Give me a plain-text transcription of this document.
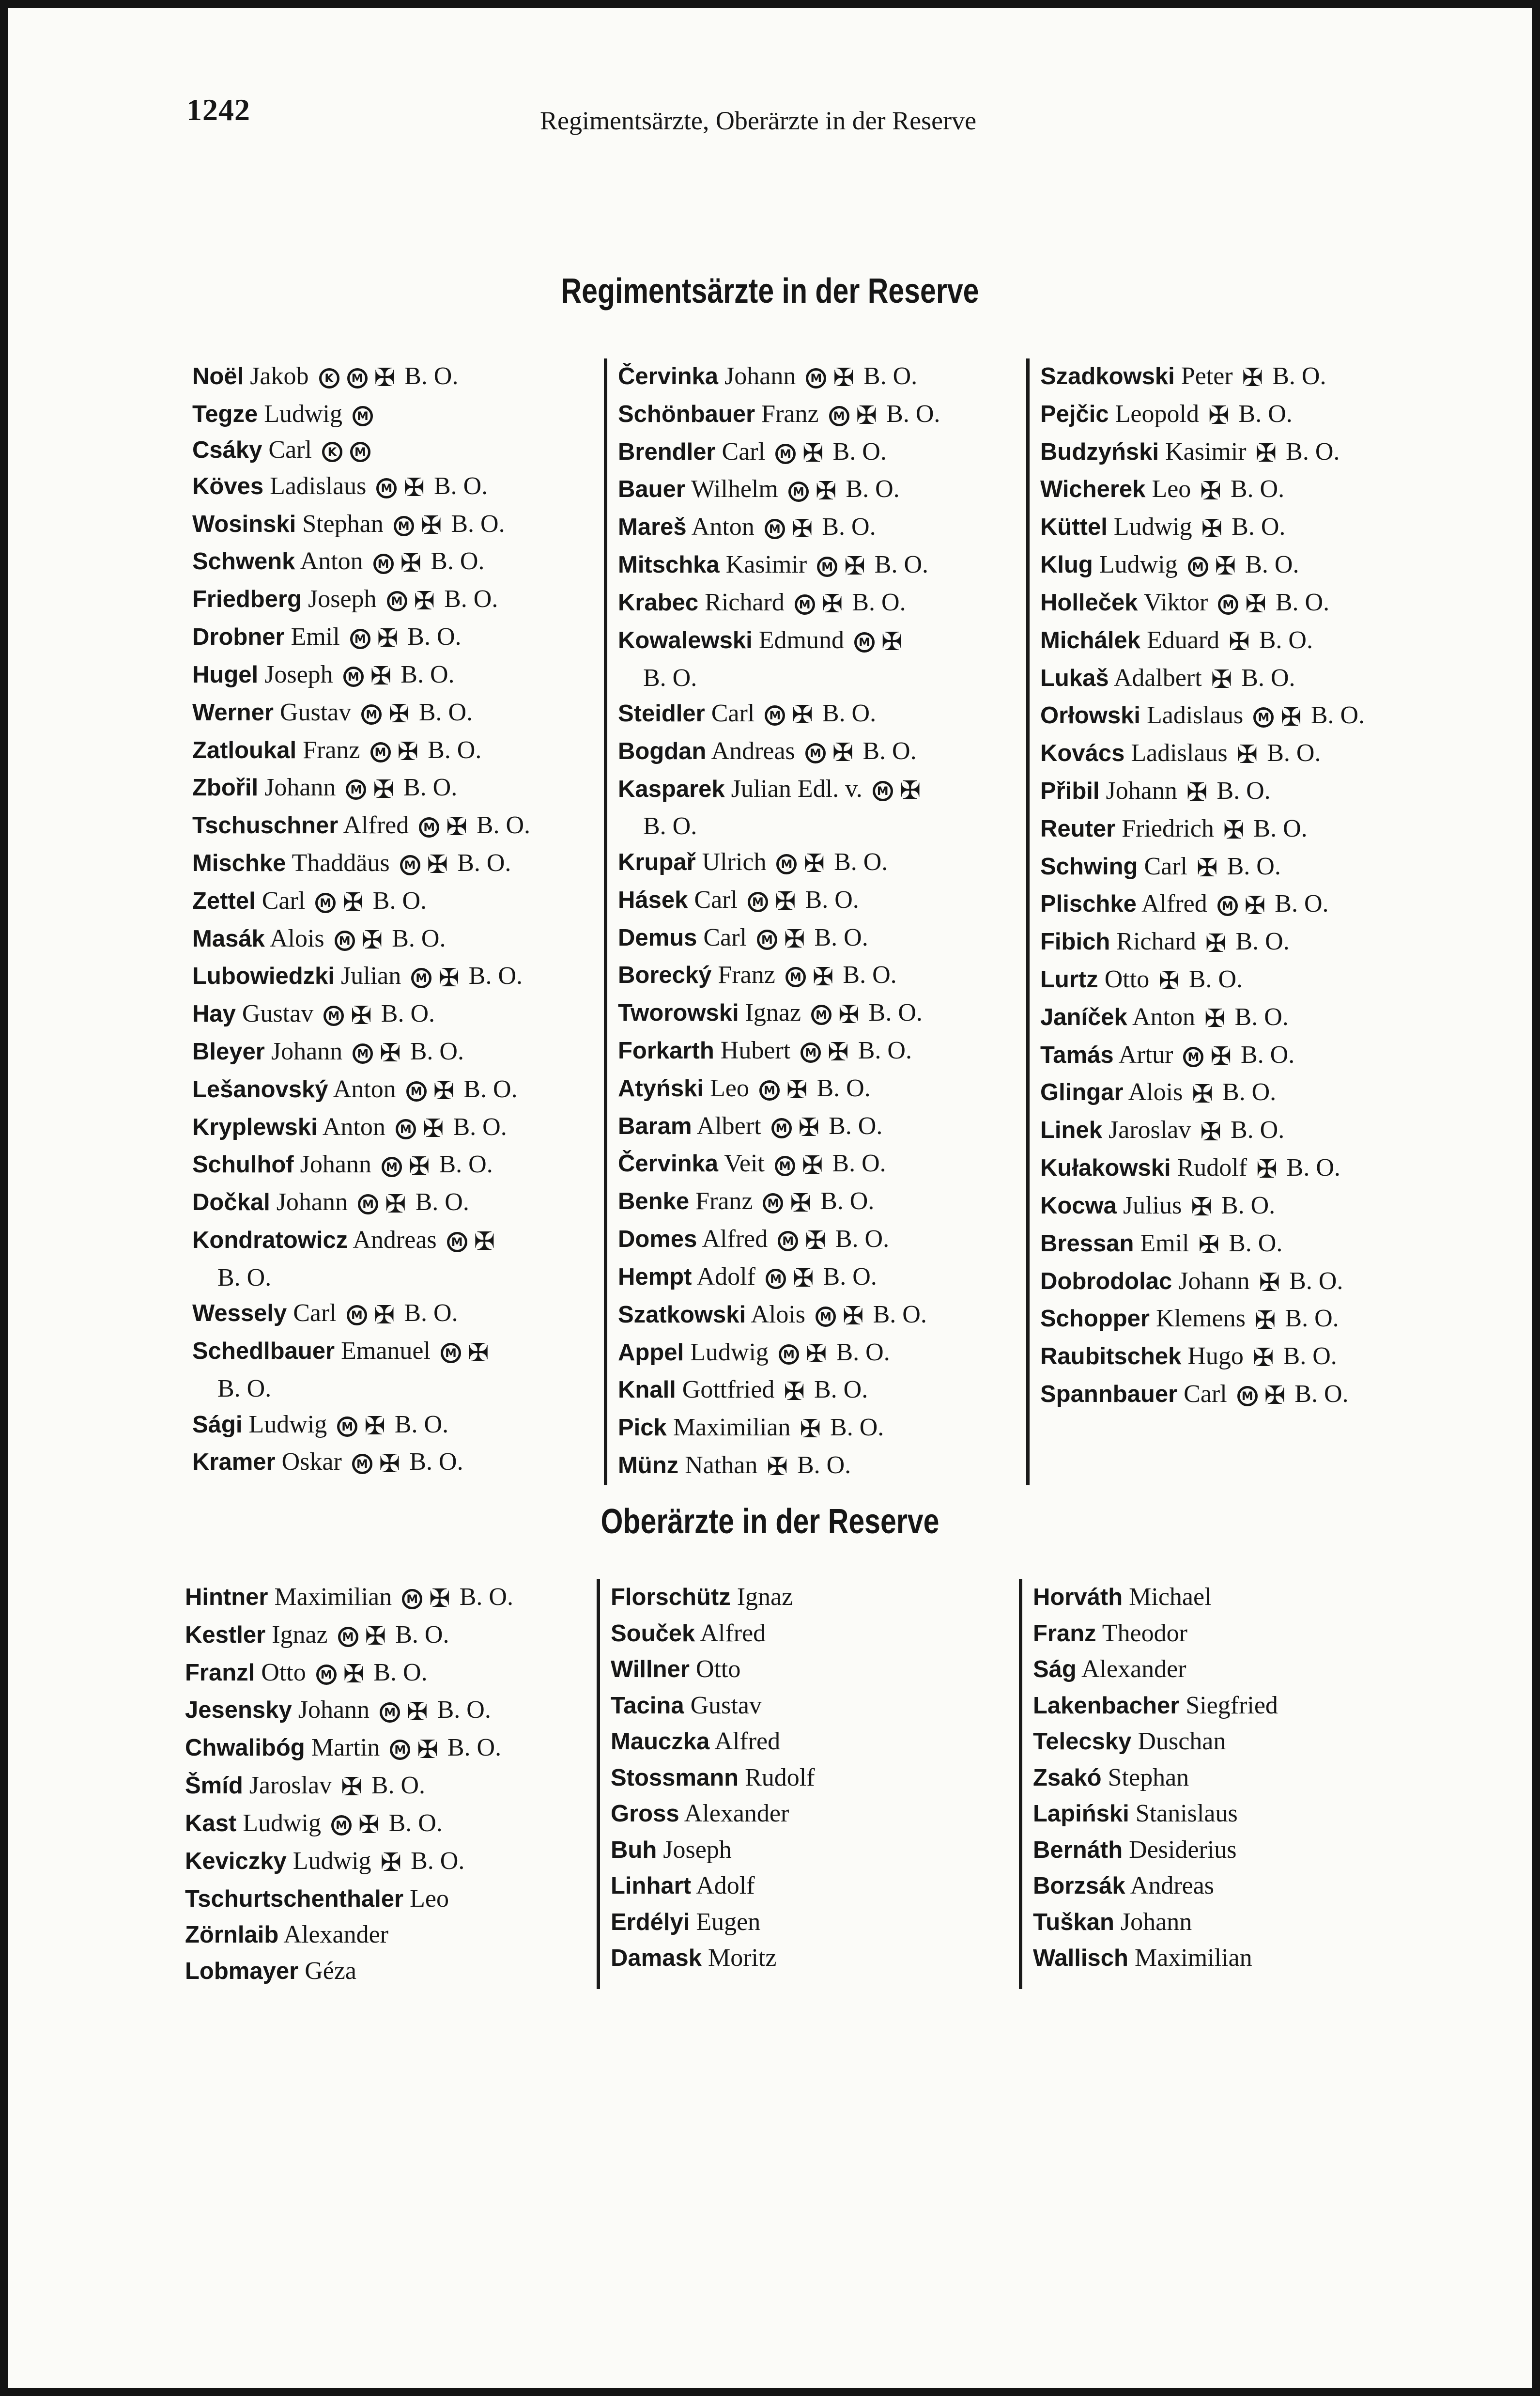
1242	Regimentsärzte, Oberärzte in der Reserve
Regimentsärzte in der Reserve
Noël Jakob K M ✠ B. O.
Tegze Ludwig M
Csáky Carl K M
Köves Ladislaus M ✠ B. O.
Wosinski Stephan M ✠ B. O.
Schwenk Anton M ✠ B. O.
Friedberg Joseph M ✠ B. O.
Drobner Emil M ✠ B. O.
Hugel Joseph M ✠ B. O.
Werner Gustav M ✠ B. O.
Zatloukal Franz M ✠ B. O.
Zbořil Johann M ✠ B. O.
Tschuschner Alfred M ✠ B. O.
Mischke Thaddäus M ✠ B. O.
Zettel Carl M ✠ B. O.
Masák Alois M ✠ B. O.
Lubowiedzki Julian M ✠ B. O.
Hay Gustav M ✠ B. O.
Bleyer Johann M ✠ B. O.
Lešanovský Anton M ✠ B. O.
Kryplewski Anton M ✠ B. O.
Schulhof Johann M ✠ B. O.
Dočkal Johann M ✠ B. O.
Kondratowicz Andreas M ✠
B. O.
Wessely Carl M ✠ B. O.
Schedlbauer Emanuel M ✠
B. O.
Sági Ludwig M ✠ B. O.
Kramer Oskar M ✠ B. O.
Červinka Johann M ✠ B. O.
Schönbauer Franz M ✠ B. O.
Brendler Carl M ✠ B. O.
Bauer Wilhelm M ✠ B. O.
Mareš Anton M ✠ B. O.
Mitschka Kasimir M ✠ B. O.
Krabec Richard M ✠ B. O.
Kowalewski Edmund M ✠
B. O.
Steidler Carl M ✠ B. O.
Bogdan Andreas M ✠ B. O.
Kasparek Julian Edl. v. M ✠
B. O.
Krupař Ulrich M ✠ B. O.
Hásek Carl M ✠ B. O.
Demus Carl M ✠ B. O.
Borecký Franz M ✠ B. O.
Tworowski Ignaz M ✠ B. O.
Forkarth Hubert M ✠ B. O.
Atyński Leo M ✠ B. O.
Baram Albert M ✠ B. O.
Červinka Veit M ✠ B. O.
Benke Franz M ✠ B. O.
Domes Alfred M ✠ B. O.
Hempt Adolf M ✠ B. O.
Szatkowski Alois M ✠ B. O.
Appel Ludwig M ✠ B. O.
Knall Gottfried ✠ B. O.
Pick Maximilian ✠ B. O.
Münz Nathan ✠ B. O.
Szadkowski Peter ✠ B. O.
Pejčic Leopold ✠ B. O.
Budzyński Kasimir ✠ B. O.
Wicherek Leo ✠ B. O.
Küttel Ludwig ✠ B. O.
Klug Ludwig M ✠ B. O.
Holleček Viktor M ✠ B. O.
Michálek Eduard ✠ B. O.
Lukaš Adalbert ✠ B. O.
Orłowski Ladislaus M ✠ B. O.
Kovács Ladislaus ✠ B. O.
Přibil Johann ✠ B. O.
Reuter Friedrich ✠ B. O.
Schwing Carl ✠ B. O.
Plischke Alfred M ✠ B. O.
Fibich Richard ✠ B. O.
Lurtz Otto ✠ B. O.
Janíček Anton ✠ B. O.
Tamás Artur M ✠ B. O.
Glingar Alois ✠ B. O.
Linek Jaroslav ✠ B. O.
Kułakowski Rudolf ✠ B. O.
Kocwa Julius ✠ B. O.
Bressan Emil ✠ B. O.
Dobrodolac Johann ✠ B. O.
Schopper Klemens ✠ B. O.
Raubitschek Hugo ✠ B. O.
Spannbauer Carl M ✠ B. O.
Oberärzte in der Reserve
Hintner Maximilian M ✠ B. O.
Kestler Ignaz M ✠ B. O.
Franzl Otto M ✠ B. O.
Jesensky Johann M ✠ B. O.
Chwalibóg Martin M ✠ B. O.
Šmíd Jaroslav ✠ B. O.
Kast Ludwig M ✠ B. O.
Keviczky Ludwig ✠ B. O.
Tschurtschenthaler Leo
Zörnlaib Alexander
Lobmayer Géza
Florschütz Ignaz
Souček Alfred
Willner Otto
Tacina Gustav
Mauczka Alfred
Stossmann Rudolf
Gross Alexander
Buh Joseph
Linhart Adolf
Erdélyi Eugen
Damask Moritz
Horváth Michael
Franz Theodor
Ság Alexander
Lakenbacher Siegfried
Telecsky Duschan
Zsakó Stephan
Lapiński Stanislaus
Bernáth Desiderius
Borzsák Andreas
Tuškan Johann
Wallisch Maximilian
